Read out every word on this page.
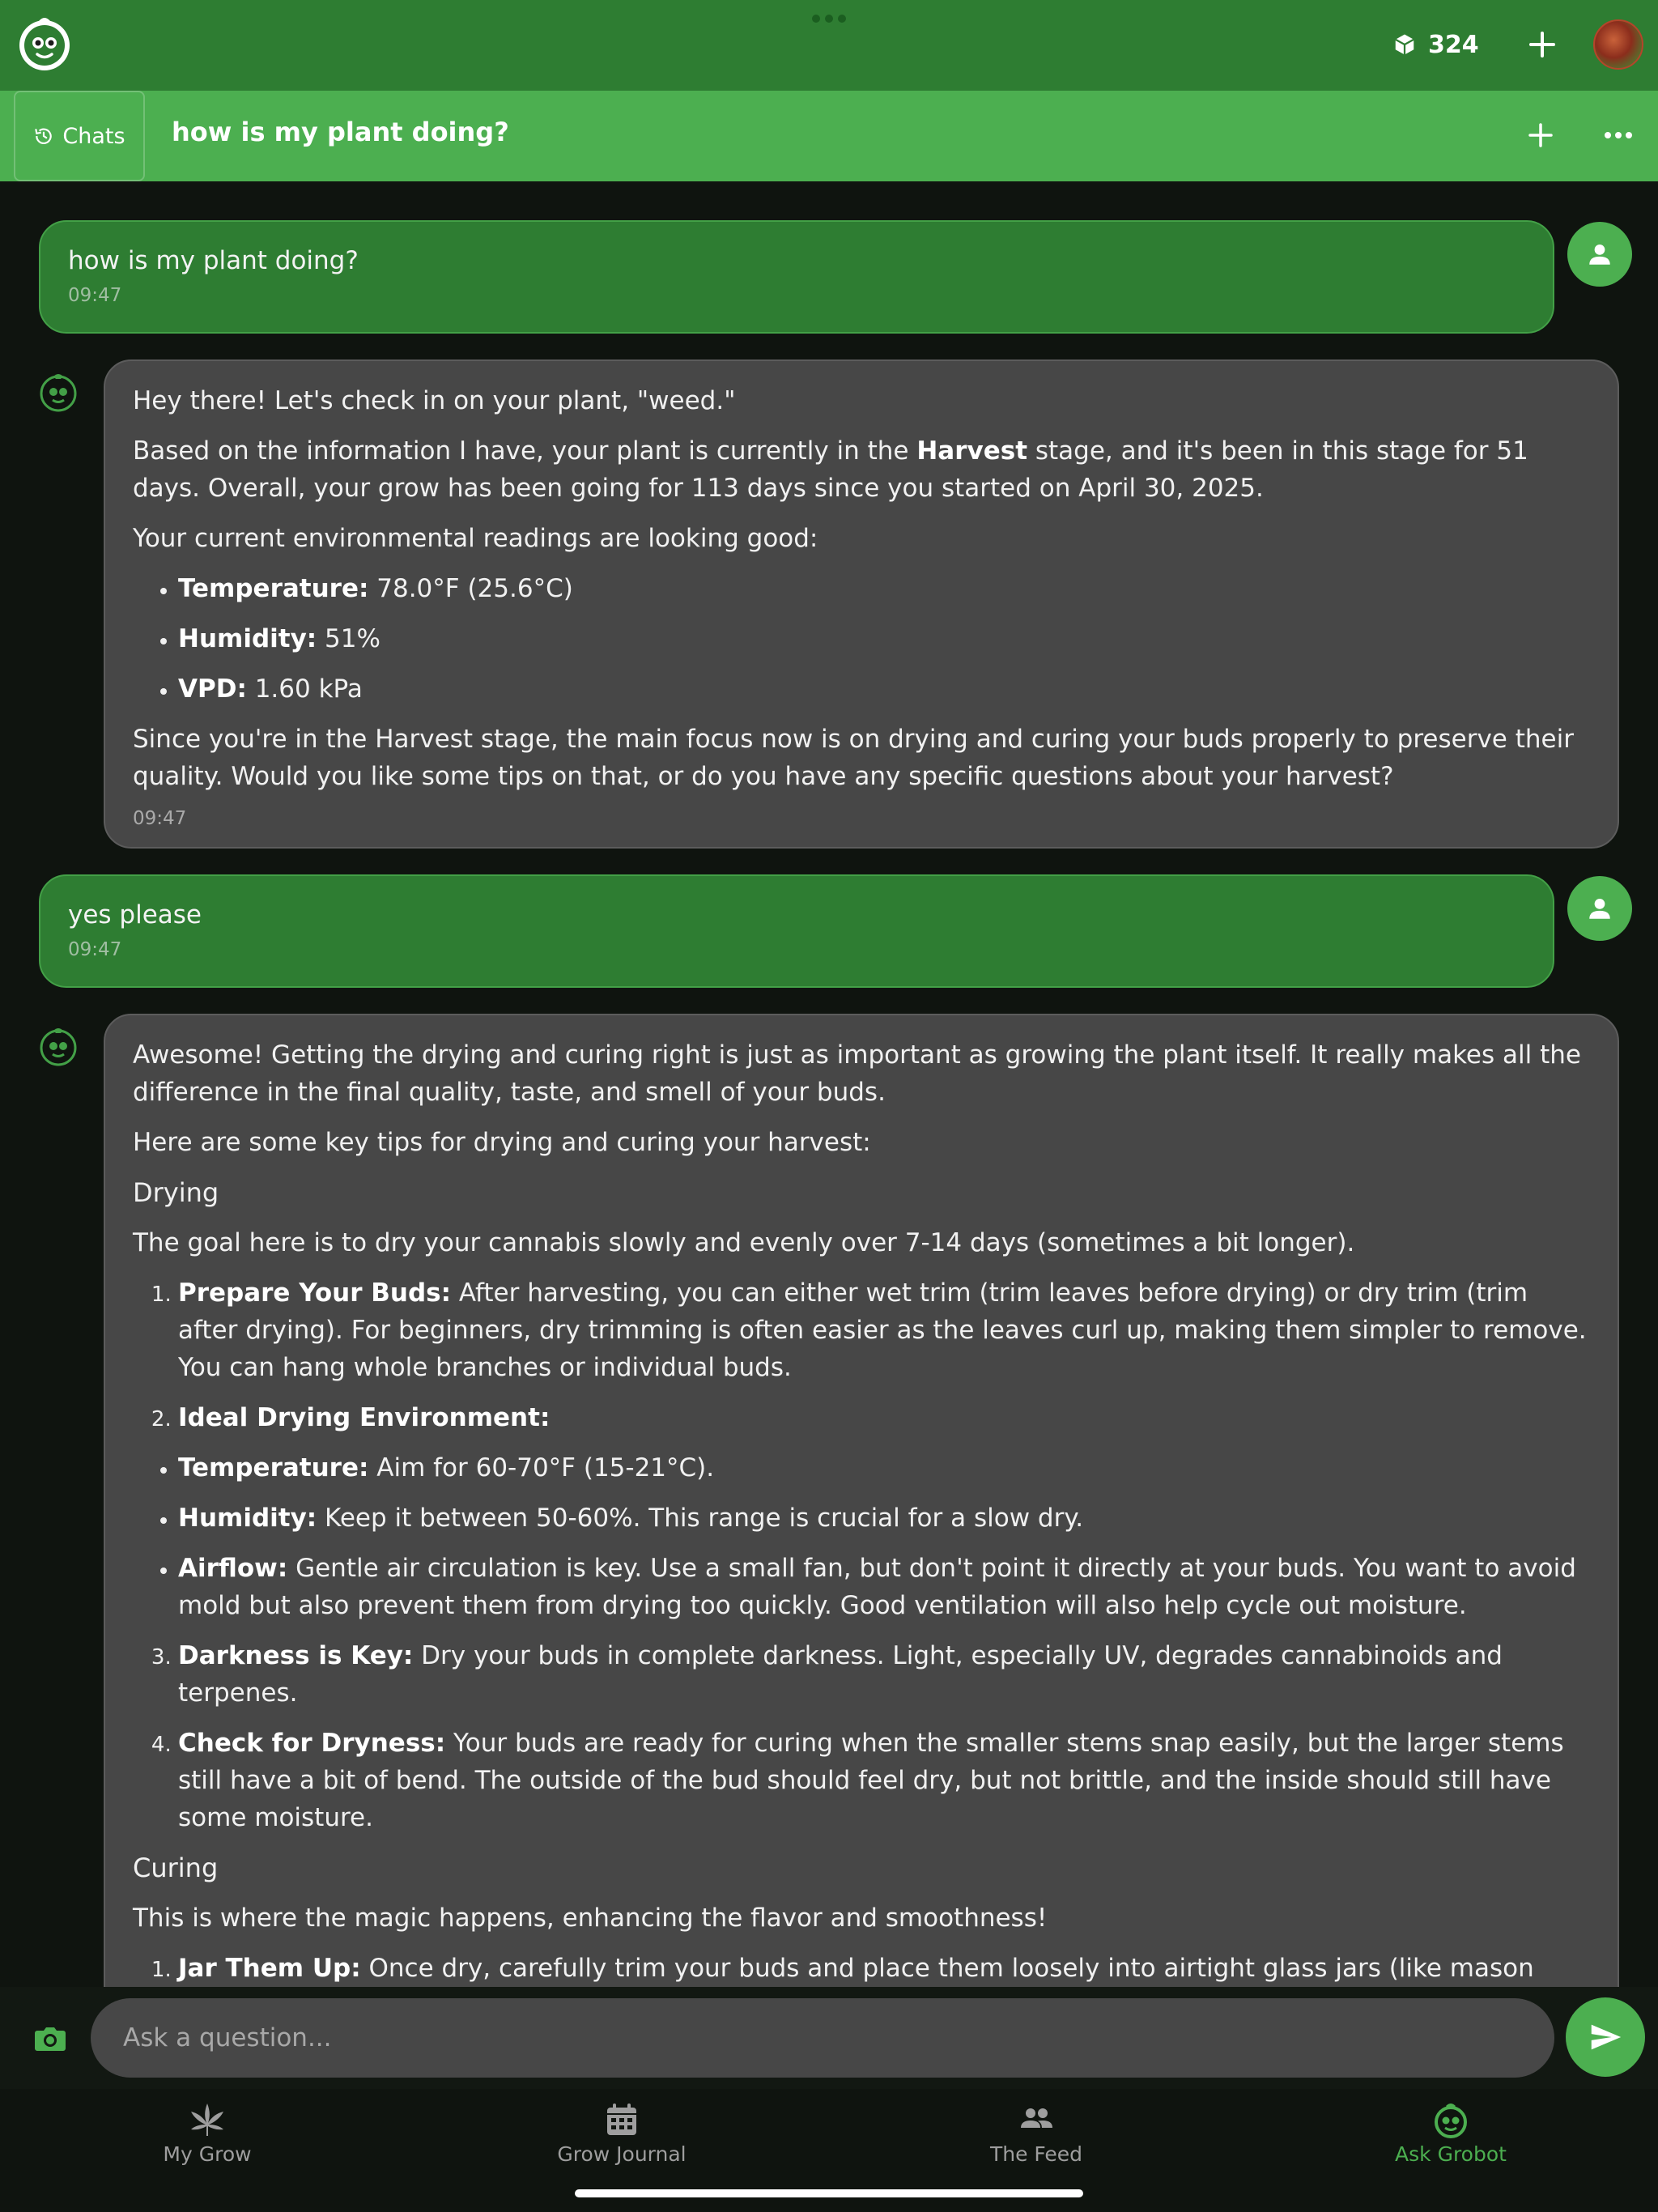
324
Chats how is my plant doing?
how is my plant doing?
09:47

Hey there! Let's check in on your plant, "weed."

Based on the information I have, your plant is currently in the Harvest stage, and it's been in this stage for 51 days. Overall, your grow has been going for 113 days since you started on April 30, 2025.

Your current environmental readings are looking good:

• Temperature: 78.0°F (25.6°C)
• Humidity: 51%
• VPD: 1.60 kPa

Since you're in the Harvest stage, the main focus now is on drying and curing your buds properly to preserve their quality. Would you like some tips on that, or do you have any specific questions about your harvest?

09:47
yes please
09:47

Awesome! Getting the drying and curing right is just as important as growing the plant itself. It really makes all the difference in the final quality, taste, and smell of your buds.

Here are some key tips for drying and curing your harvest:

Drying

The goal here is to dry your cannabis slowly and evenly over 7-14 days (sometimes a bit longer).

1. Prepare Your Buds: After harvesting, you can either wet trim (trim leaves before drying) or dry trim (trim after drying). For beginners, dry trimming is often easier as the leaves curl up, making them simpler to remove. You can hang whole branches or individual buds.
2. Ideal Drying Environment:
• Temperature: Aim for 60-70°F (15-21°C).
• Humidity: Keep it between 50-60%. This range is crucial for a slow dry.
• Airflow: Gentle air circulation is key. Use a small fan, but don't point it directly at your buds. You want to avoid mold but also prevent them from drying too quickly. Good ventilation will also help cycle out moisture.
3. Darkness is Key: Dry your buds in complete darkness. Light, especially UV, degrades cannabinoids and terpenes.
4. Check for Dryness: Your buds are ready for curing when the smaller stems snap easily, but the larger stems still have a bit of bend. The outside of the bud should feel dry, but not brittle, and the inside should still have some moisture.
Curing

This is where the magic happens, enhancing the flavor and smoothness!

1. Jar Them Up: Once dry, carefully trim your buds and place them loosely into airtight glass jars (like mason
Ask a question...
My Grow	Grow Journal	The Feed	Ask Grobot
